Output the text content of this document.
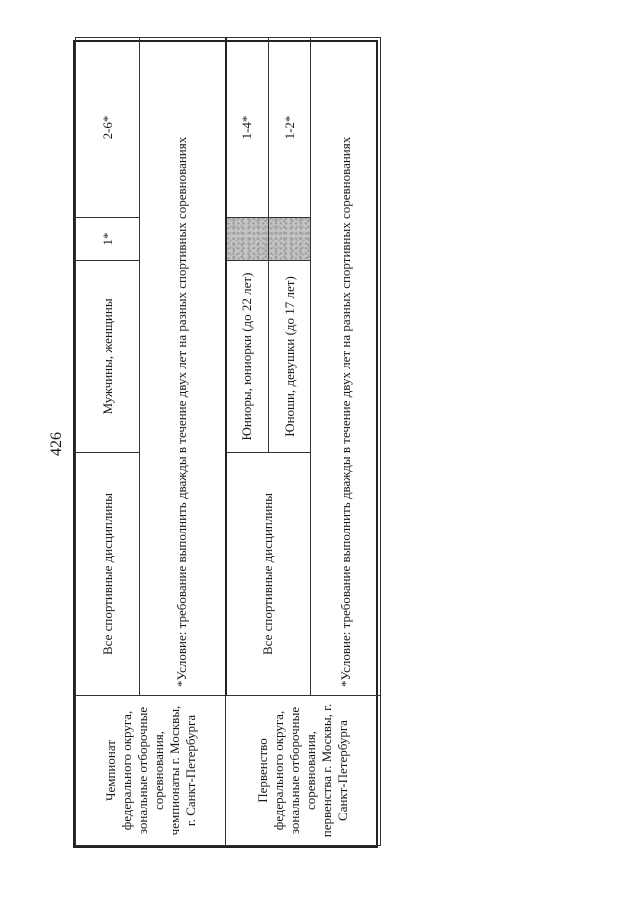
426
Чемпионат федерального округа, зональные отборочные соревнования, чемпионаты г. Москвы, г. Санкт-Петербурга	Все спортивные дисциплины	Мужчины, женщины	1*	2-6*
	*Условие: требование выполнить дважды в течение двух лет на разных спортивных соревнованиях			
Первенство федерального округа, зональные отборочные соревнования, первенства г. Москвы, г. Санкт-Петербурга	Все спортивные дисциплины	Юниоры, юниорки (до 22 лет)		1-4*
		Юноши, девушки (до 17 лет)		1-2*
	*Условие: требование выполнить дважды в течение двух лет на разных спортивных соревнованиях			
